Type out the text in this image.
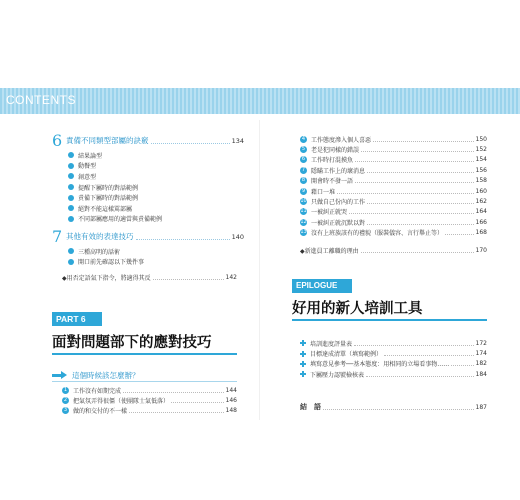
CONTENTS
6 責備不同類型部屬的訣竅	134
結果論型
動餐型
創意型
提醒下屬時的對話範例
責備下屬時的對話範例
絕對不能這樣罵部屬
不同部屬應用的適當與責備範例
7 其他有效的表達技巧	140
三種高明的話術
開口前先確認以下幾件事
◆用否定語氣下指令，將適得其反	142
PART 6
面對問題部下的應對技巧
這個時候該怎麼辦？
1 工作沒有如期完成	144
2 把氣氛弄得很僵（使團隊士氣低落）	146
3 做的和交付的不一樣	148
4 工作態度滲入個人喜惡	150
5 老是犯同樣的錯誤	152
6 工作時打混摸魚	154
7 隱瞞工作上的壞消息	156
8 開會時不發一語	158
9 藉口一堆	160
10 只做自己份內的工作	162
11 一被糾正就哭	164
12 一被糾正就沉默以對	166
13 沒有上班族該有的禮貌（服裝儀容、言行舉止等）	168
◆新進員工離職的理由	170
EPILOGUE
好用的新人培訓工具
培訓進度評量表	172
目標達成清單（填寫範例）	174
填寫意見參考──基本態度：用相同的立場看事物……	182
下屬壓力認號檢核表	184
結　語	187
